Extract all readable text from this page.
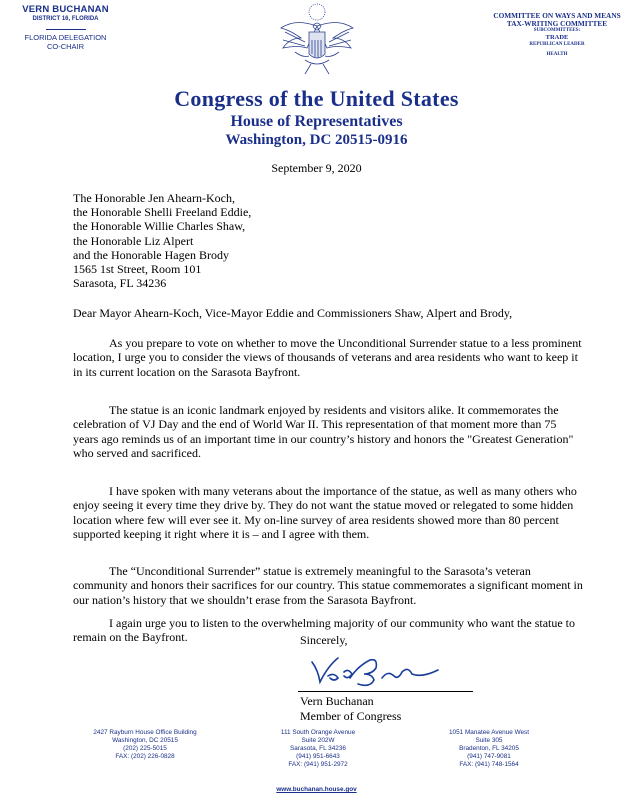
VERN BUCHANAN
DISTRICT 16, FLORIDA
FLORIDA DELEGATION
CO-CHAIR
COMMITTEE ON WAYS AND MEANS
TAX-WRITING COMMITTEE
SUBCOMMITTEES:
TRADE
REPUBLICAN LEADER
HEALTH
Congress of the United States
House of Representatives
Washington, DC 20515-0916
September 9, 2020
The Honorable Jen Ahearn-Koch,
the Honorable Shelli Freeland Eddie,
the Honorable Willie Charles Shaw,
the Honorable Liz Alpert
and the Honorable Hagen Brody
1565 1st Street, Room 101
Sarasota, FL 34236

Dear Mayor Ahearn-Koch, Vice-Mayor Eddie and Commissioners Shaw, Alpert and Brody,

As you prepare to vote on whether to move the Unconditional Surrender statue to a less prominent location, I urge you to consider the views of thousands of veterans and area residents who want to keep it in its current location on the Sarasota Bayfront.

The statue is an iconic landmark enjoyed by residents and visitors alike. It commemorates the celebration of VJ Day and the end of World War II. This representation of that moment more than 75 years ago reminds us of an important time in our country’s history and honors the "Greatest Generation" who served and sacrificed.

I have spoken with many veterans about the importance of the statue, as well as many others who enjoy seeing it every time they drive by. They do not want the statue moved or relegated to some hidden location where few will ever see it. My on-line survey of area residents showed more than 80 percent supported keeping it right where it is – and I agree with them.

The “Unconditional Surrender” statue is extremely meaningful to the Sarasota’s veteran community and honors their sacrifices for our country. This statue commemorates a significant moment in our nation’s history that we shouldn’t erase from the Sarasota Bayfront.

I again urge you to listen to the overwhelming majority of our community who want the statue to remain on the Bayfront.	Sincerely,
Vern Buchanan
Member of Congress
2427 Rayburn House Office Building
Washington, DC 20515
(202) 225-5015
FAX: (202) 226-0828
111 South Orange Avenue
Suite 202W
Sarasota, FL 34236
(941) 951-6643
FAX: (941) 951-2972
1051 Manatee Avenue West
Suite 305
Bradenton, FL 34205
(941) 747-9081
FAX: (941) 748-1564
www.buchanan.house.gov
